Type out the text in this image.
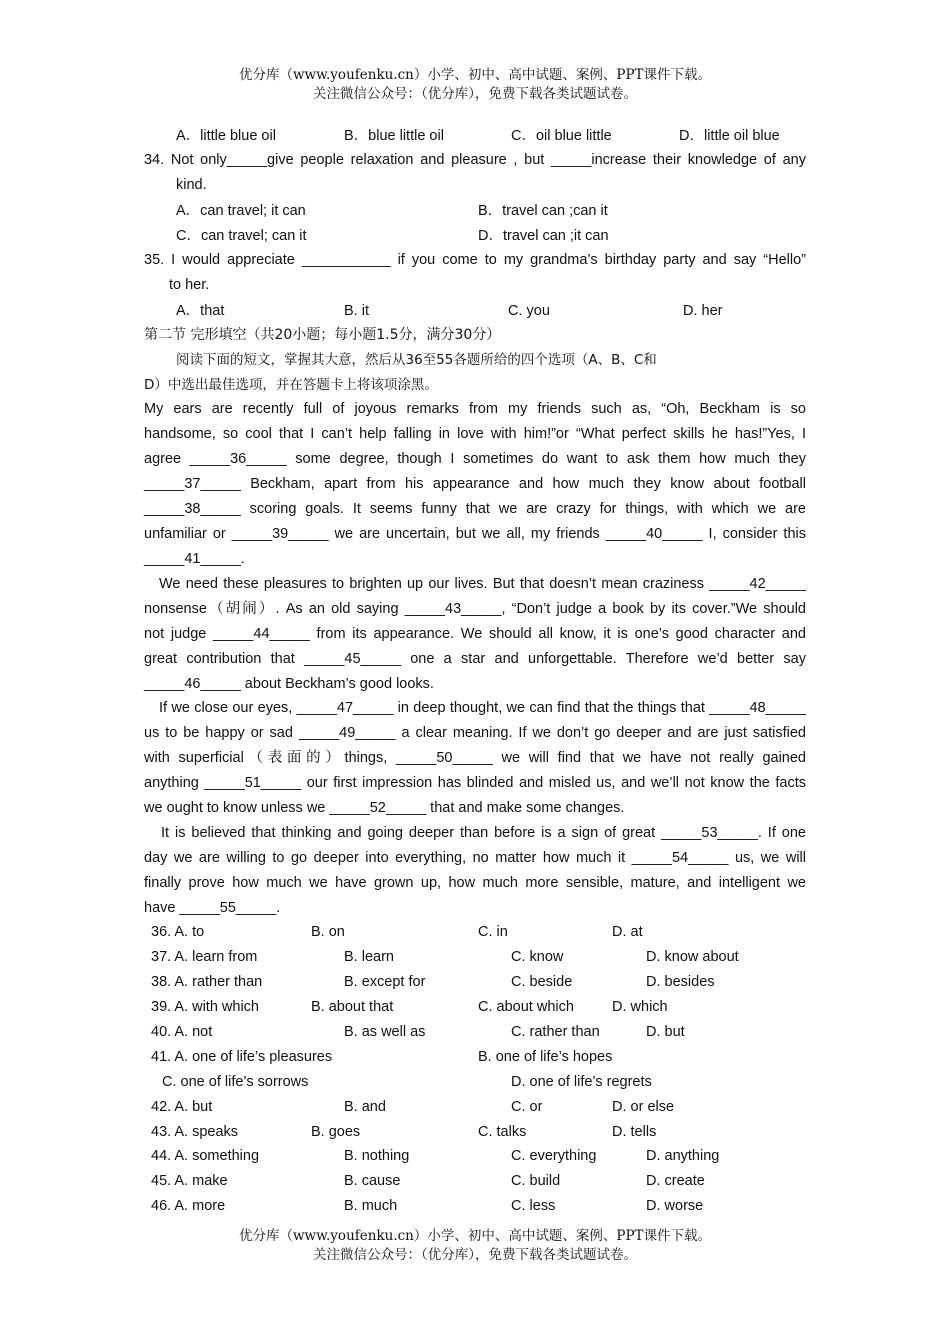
优分库（www.youfenku.cn）小学、初中、高中试题、案例、PPT课件下载。
关注微信公众号：（优分库），免费下载各类试题试卷。
A．little blue oil	B．blue little oil	C．oil blue little	D．little oil blue
34. Not only_____give people relaxation and pleasure , but _____increase their knowledge of any
kind.
A．can travel; it can	B．travel can ;can it
C．can travel; can it	D．travel can ;it can
35. I would appreciate ___________ if you come to my grandma’s birthday party and say “Hello”
to her.
A．that	B. it	C. you	D. her
第二节 完形填空（共20小题；每小题1.5分，满分30分）
阅读下面的短文，掌握其大意，然后从36至55各题所给的四个选项（A、B、C和
D）中选出最佳选项，并在答题卡上将该项涂黑。
My ears are recently full of joyous remarks from my friends such as, “Oh, Beckham is so
handsome, so cool that I can’t help falling in love with him!”or “What perfect skills he has!”Yes, I
agree _____36_____ some degree, though I sometimes do want to ask them how much they
_____37_____ Beckham, apart from his appearance and how much they know about football
_____38_____ scoring goals. It seems funny that we are crazy for things, with which we are
unfamiliar or _____39_____ we are uncertain, but we all, my friends _____40_____ I, consider this
_____41_____.
We need these pleasures to brighten up our lives. But that doesn’t mean craziness _____42_____
nonsense（胡闹）. As an old saying _____43_____, “Don’t judge a book by its cover.”We should
not judge _____44_____ from its appearance. We should all know, it is one’s good character and
great contribution that _____45_____ one a star and unforgettable. Therefore we’d better say
_____46_____ about Beckham’s good looks.
If we close our eyes, _____47_____ in deep thought, we can find that the things that _____48_____
us to be happy or sad _____49_____ a clear meaning. If we don’t go deeper and are just satisfied
with superficial（表面的）things, _____50_____ we will find that we have not really gained
anything _____51_____ our first impression has blinded and misled us, and we’ll not know the facts
we ought to know unless we _____52_____ that and make some changes.
It is believed that thinking and going deeper than before is a sign of great _____53_____. If one
day we are willing to go deeper into everything, no matter how much it _____54_____ us, we will
finally prove how much we have grown up, how much more sensible, mature, and intelligent we
have _____55_____.
36. A. to	B. on	C. in	D. at
37. A. learn from	B. learn	C. know	D. know about
38. A. rather than	B. except for	C. beside	D. besides
39. A. with which	B. about that	C. about which	D. which
40. A. not	B. as well as	C. rather than	D. but
41. A. one of life’s pleasures	B. one of life’s hopes
C. one of life’s sorrows	D. one of life’s regrets
42. A. but	B. and	C. or	D. or else
43. A. speaks	B. goes	C. talks	D. tells
44. A. something	B. nothing	C. everything	D. anything
45. A. make	B. cause	C. build	D. create
46. A. more	B. much	C. less	D. worse
优分库（www.youfenku.cn）小学、初中、高中试题、案例、PPT课件下载。
关注微信公众号：（优分库），免费下载各类试题试卷。
